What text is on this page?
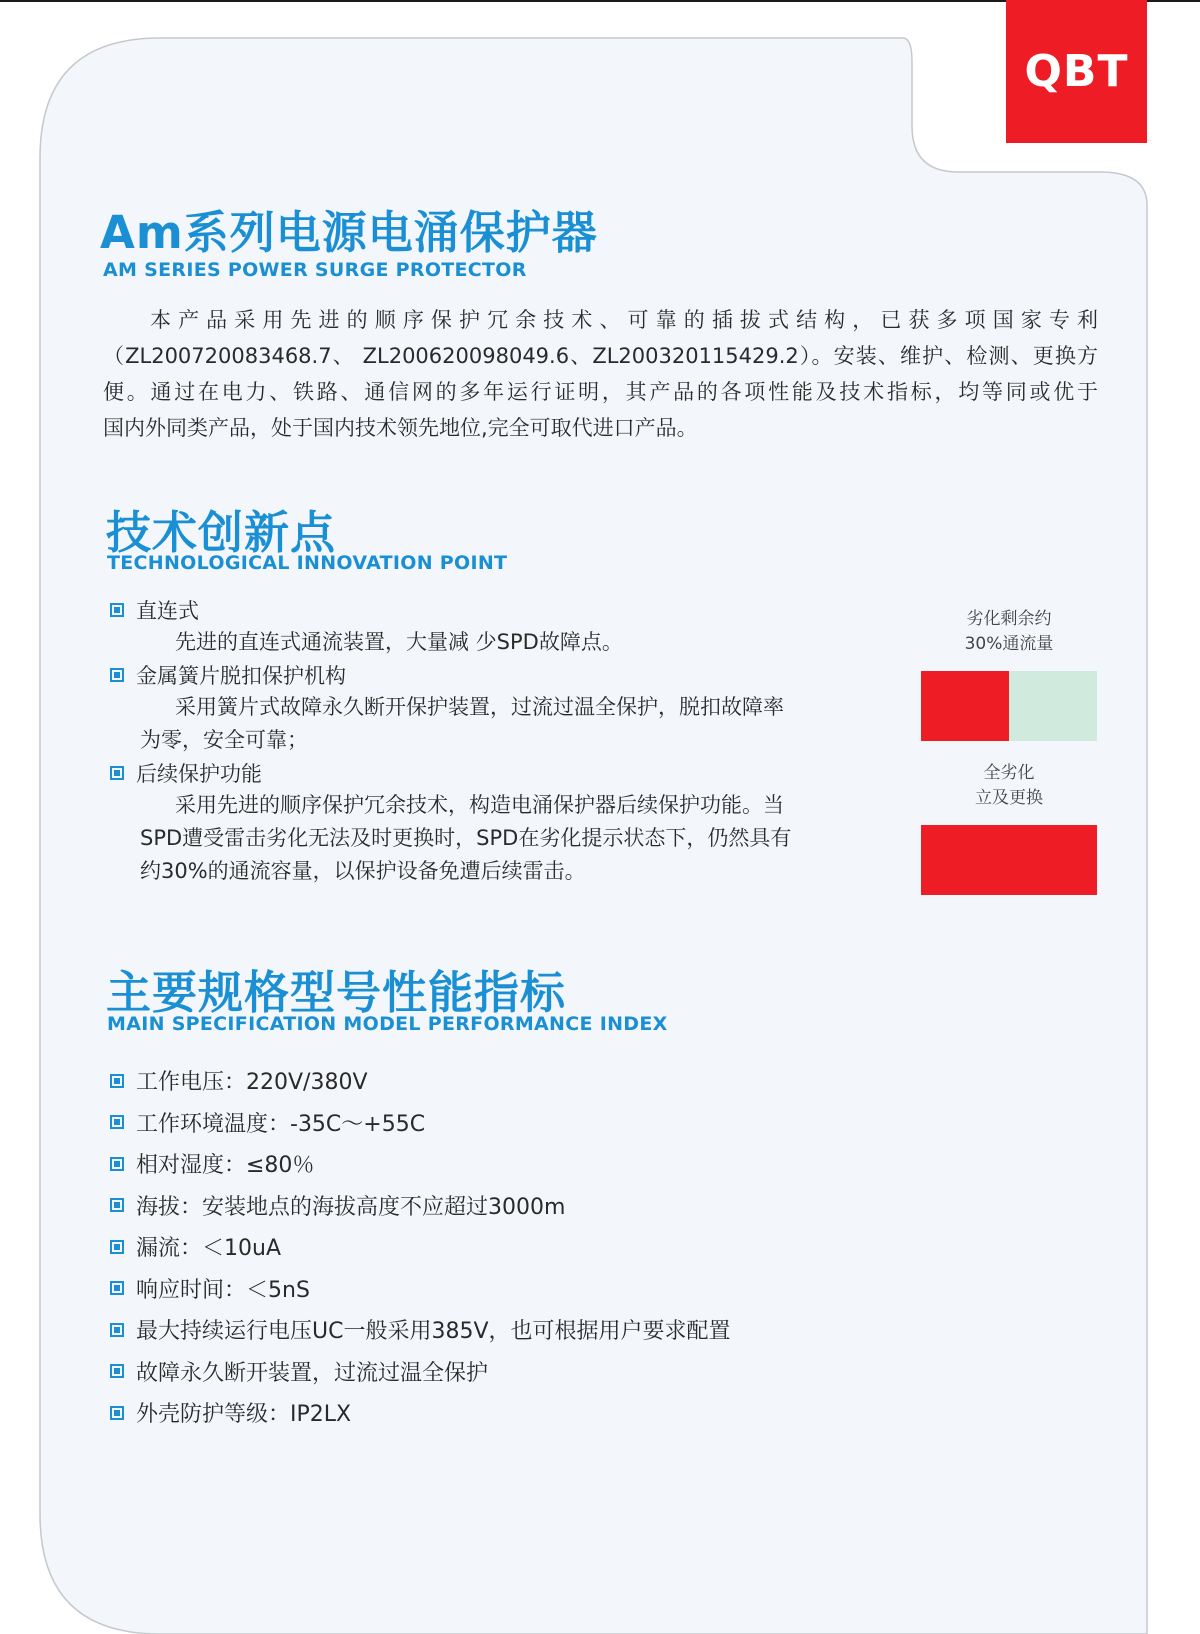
QBT
Am系列电源电涌保护器
AM SERIES POWER SURGE PROTECTOR

本产品采用先进的顺序保护冗余技术、可靠的插拔式结构，已获多项国家专利

（ZL200720083468.7、 ZL200620098049.6、ZL200320115429.2）。安装、维护、检测、更换方

便。通过在电力、铁路、通信网的多年运行证明，其产品的各项性能及技术指标，均等同或优于

国内外同类产品，处于国内技术领先地位,完全可取代进口产品。

技术创新点
TECHNOLOGICAL INNOVATION POINT
直连式
先进的直连式通流装置，大量减 少SPD故障点。
金属簧片脱扣保护机构
采用簧片式故障永久断开保护装置，过流过温全保护，脱扣故障率
为零，安全可靠；
后续保护功能
采用先进的顺序保护冗余技术，构造电涌保护器后续保护功能。当
SPD遭受雷击劣化无法及时更换时，SPD在劣化提示状态下，仍然具有
约30%的通流容量，以保护设备免遭后续雷击。
劣化剩余约
30%通流量
全劣化
立及更换
主要规格型号性能指标
MAIN SPECIFICATION MODEL PERFORMANCE INDEX
工作电压：220V/380V
工作环境温度：-35C～+55C
相对湿度：≤80％
海拔：安装地点的海拔高度不应超过3000m
漏流：＜10uA
响应时间：＜5nS
最大持续运行电压UC一般采用385V，也可根据用户要求配置
故障永久断开装置，过流过温全保护
外壳防护等级：IP2LX
